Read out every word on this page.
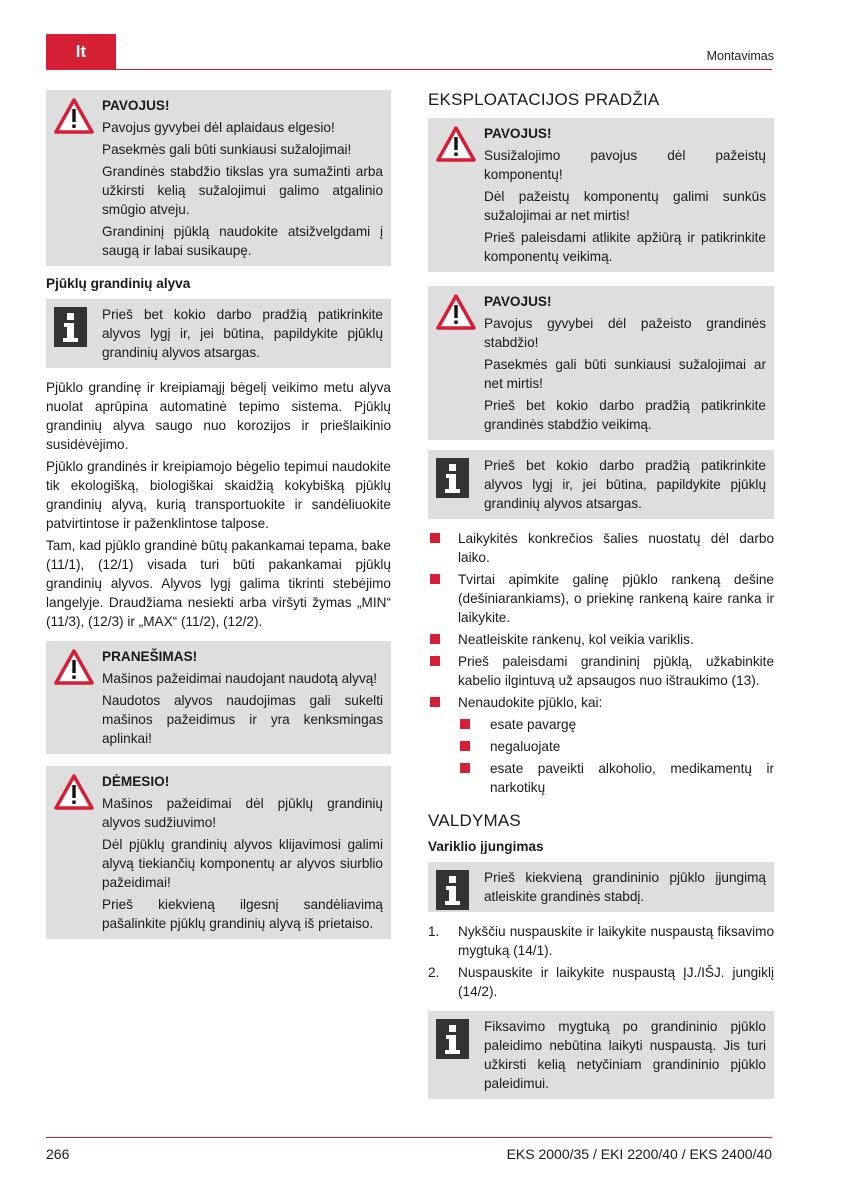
lt	Montavimas

PAVOJUS!

Pavojus gyvybei dėl aplaidaus elgesio!

Pasekmės gali būti sunkiausi sužalojimai!

Grandinės stabdžio tikslas yra sumažinti arba užkirsti kelią sužalojimui galimo atgalinio smūgio atveju.

Grandininį pjūklą naudokite atsižvelgdami į saugą ir labai susikaupę.

Pjūklų grandinių alyva

Prieš bet kokio darbo pradžią patikrinkite alyvos lygį ir, jei būtina, papildykite pjūklų grandinių alyvos atsargas.

Pjūklo grandinę ir kreipiamąjį bėgelį veikimo metu alyva nuolat aprūpina automatinė tepimo sistema. Pjūklų grandinių alyva saugo nuo korozijos ir priešlaikinio susidėvėjimo.

Pjūklo grandinės ir kreipiamojo bėgelio tepimui naudokite tik ekologišką, biologiškai skaidžią kokybišką pjūklų grandinių alyvą, kurią transportuokite ir sandėliuokite patvirtintose ir paženklintose talpose.

Tam, kad pjūklo grandinė būtų pakankamai tepama, bake (11/1), (12/1) visada turi būti pakankamai pjūklų grandinių alyvos. Alyvos lygį galima tikrinti stebėjimo langelyje. Draudžiama nesiekti arba viršyti žymas „MIN“ (11/3), (12/3) ir „MAX“ (11/2), (12/2).

PRANEŠIMAS!

Mašinos pažeidimai naudojant naudotą alyvą!

Naudotos alyvos naudojimas gali sukelti mašinos pažeidimus ir yra kenksmingas aplinkai!

DĖMESIO!

Mašinos pažeidimai dėl pjūklų grandinių alyvos sudžiuvimo!

Dėl pjūklų grandinių alyvos klijavimosi galimi alyvą tiekiančių komponentų ar alyvos siurblio pažeidimai!

Prieš kiekvieną ilgesnį sandėliavimą pašalinkite pjūklų grandinių alyvą iš prietaiso.

EKSPLOATACIJOS PRADŽIA

PAVOJUS!

Susižalojimo pavojus dėl pažeistų komponentų!

Dėl pažeistų komponentų galimi sunkūs sužalojimai ar net mirtis!

Prieš paleisdami atlikite apžiūrą ir patikrinkite komponentų veikimą.

PAVOJUS!

Pavojus gyvybei dėl pažeisto grandinės stabdžio!

Pasekmės gali būti sunkiausi sužalojimai ar net mirtis!

Prieš bet kokio darbo pradžią patikrinkite grandinės stabdžio veikimą.

Prieš bet kokio darbo pradžią patikrinkite alyvos lygį ir, jei būtina, papildykite pjūklų grandinių alyvos atsargas.

Laikykitės konkrečios šalies nuostatų dėl darbo laiko.
Tvirtai apimkite galinę pjūklo rankeną dešine (dešiniarankiams), o priekinę rankeną kaire ranka ir laikykite.
Neatleiskite rankenų, kol veikia variklis.
Prieš paleisdami grandininį pjūklą, užkabinkite kabelio ilgintuvą už apsaugos nuo ištraukimo (13).
Nenaudokite pjūklo, kai:
esate pavargę
negaluojate
esate paveikti alkoholio, medikamentų ir narkotikų
VALDYMAS
Variklio įjungimas

Prieš kiekvieną grandininio pjūklo įjungimą atleiskite grandinės stabdį.

1. Nykščiu nuspauskite ir laikykite nuspaustą fiksavimo mygtuką (14/1).
2. Nuspauskite ir laikykite nuspaustą ĮJ./IŠJ. jungiklį (14/2).

Fiksavimo mygtuką po grandininio pjūklo paleidimo nebūtina laikyti nuspaustą. Jis turi užkirsti kelią netyčiniam grandininio pjūklo paleidimui.

266	EKS 2000/35 / EKI 2200/40 / EKS 2400/40
